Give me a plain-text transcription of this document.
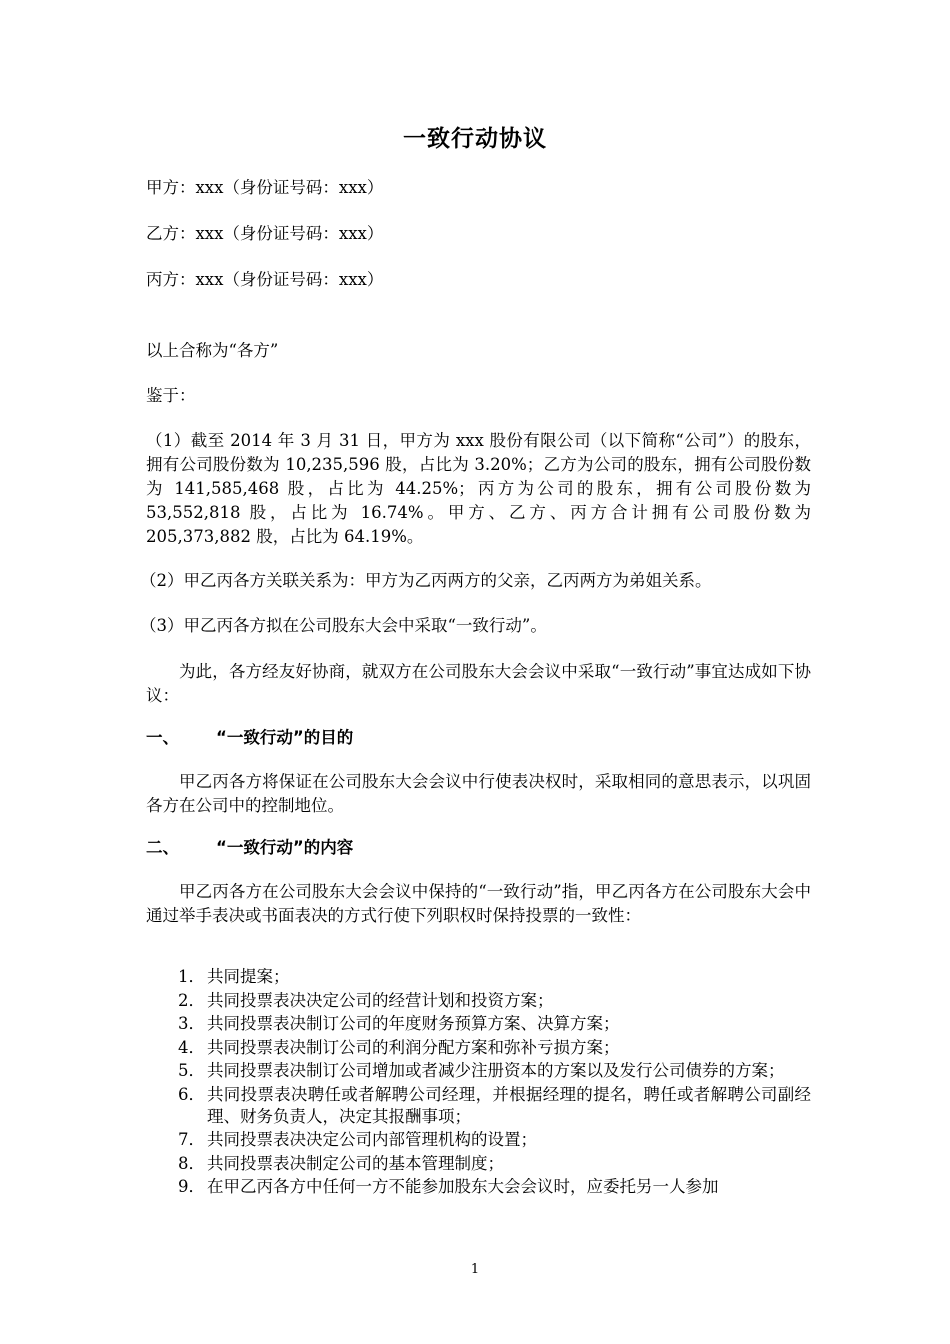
一致行动协议
甲方：xxx（身份证号码：xxx）
乙方：xxx（身份证号码：xxx）
丙方：xxx（身份证号码：xxx）
以上合称为“各方”
鉴于：
（1）截至 2014 年 3 月 31 日，甲方为 xxx 股份有限公司（以下简称“公司”）的股东，拥有公司股份数为 10,235,596 股，占比为 3.20%；乙方为公司的股东，拥有公司股份数为 141,585,468 股，占比为 44.25%；丙方为公司的股东，拥有公司股份数为 53,552,818 股，占比为 16.74%。甲方、乙方、丙方合计拥有公司股份数为 205,373,882 股，占比为 64.19%。
（2）甲乙丙各方关联关系为：甲方为乙丙两方的父亲，乙丙两方为弟姐关系。
（3）甲乙丙各方拟在公司股东大会中采取“一致行动”。
为此，各方经友好协商，就双方在公司股东大会会议中采取“一致行动”事宜达成如下协议：
一、 “一致行动”的目的
甲乙丙各方将保证在公司股东大会会议中行使表决权时，采取相同的意思表示，以巩固各方在公司中的控制地位。
二、 “一致行动”的内容
甲乙丙各方在公司股东大会会议中保持的“一致行动”指，甲乙丙各方在公司股东大会中通过举手表决或书面表决的方式行使下列职权时保持投票的一致性：
1． 共同提案；
2． 共同投票表决决定公司的经营计划和投资方案；
3． 共同投票表决制订公司的年度财务预算方案、决算方案；
4． 共同投票表决制订公司的利润分配方案和弥补亏损方案；
5． 共同投票表决制订公司增加或者减少注册资本的方案以及发行公司债券的方案；
6． 共同投票表决聘任或者解聘公司经理，并根据经理的提名，聘任或者解聘公司副经理、财务负责人，决定其报酬事项；
7． 共同投票表决决定公司内部管理机构的设置；
8． 共同投票表决制定公司的基本管理制度；
9． 在甲乙丙各方中任何一方不能参加股东大会会议时，应委托另一人参加
1
